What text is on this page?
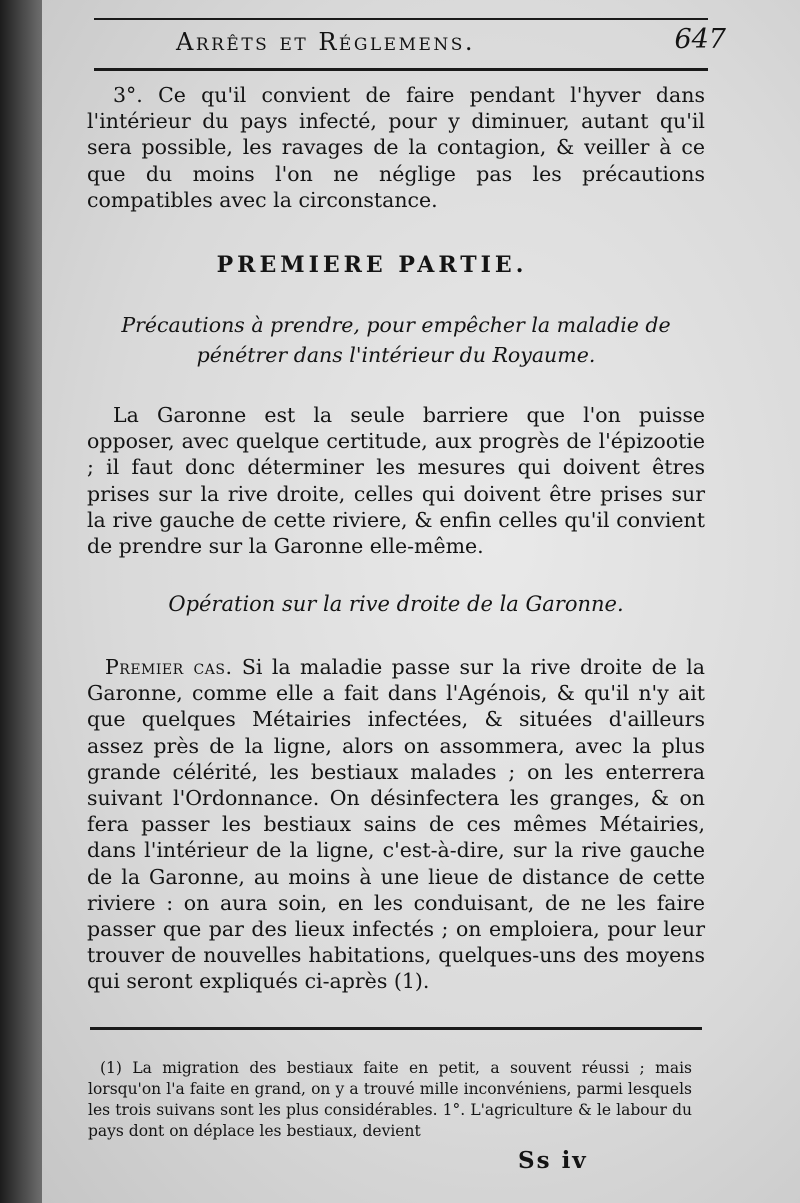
Arrêts et Réglemens.	647
3°. Ce qu'il convient de faire pendant l'hyver dans l'intérieur du pays infecté, pour y diminuer, autant qu'il sera possible, les ravages de la contagion, & veiller à ce que du moins l'on ne néglige pas les précautions compatibles avec la circonstance.
PREMIERE PARTIE.
Précautions à prendre, pour empêcher la maladie de pénétrer dans l'intérieur du Royaume.
La Garonne est la seule barriere que l'on puisse opposer, avec quelque certitude, aux progrès de l'épizootie ; il faut donc déterminer les mesures qui doivent êtres prises sur la rive droite, celles qui doivent être prises sur la rive gauche de cette riviere, & enfin celles qu'il convient de prendre sur la Garonne elle-même.
Opération sur la rive droite de la Garonne.
Premier cas. Si la maladie passe sur la rive droite de la Garonne, comme elle a fait dans l'Agénois, & qu'il n'y ait que quelques Métairies infectées, & situées d'ailleurs assez près de la ligne, alors on assommera, avec la plus grande célérité, les bestiaux malades ; on les enterrera suivant l'Ordonnance. On désinfectera les granges, & on fera passer les bestiaux sains de ces mêmes Métairies, dans l'intérieur de la ligne, c'est-à-dire, sur la rive gauche de la Garonne, au moins à une lieue de distance de cette riviere : on aura soin, en les conduisant, de ne les faire passer que par des lieux infectés ; on emploiera, pour leur trouver de nouvelles habitations, quelques-uns des moyens qui seront expliqués ci-après (1).
(1) La migration des bestiaux faite en petit, a souvent réussi ; mais lorsqu'on l'a faite en grand, on y a trouvé mille inconvéniens, parmi lesquels les trois suivans sont les plus considérables. 1°. L'agriculture & le labour du pays dont on déplace les bestiaux, devient
Ss iv
